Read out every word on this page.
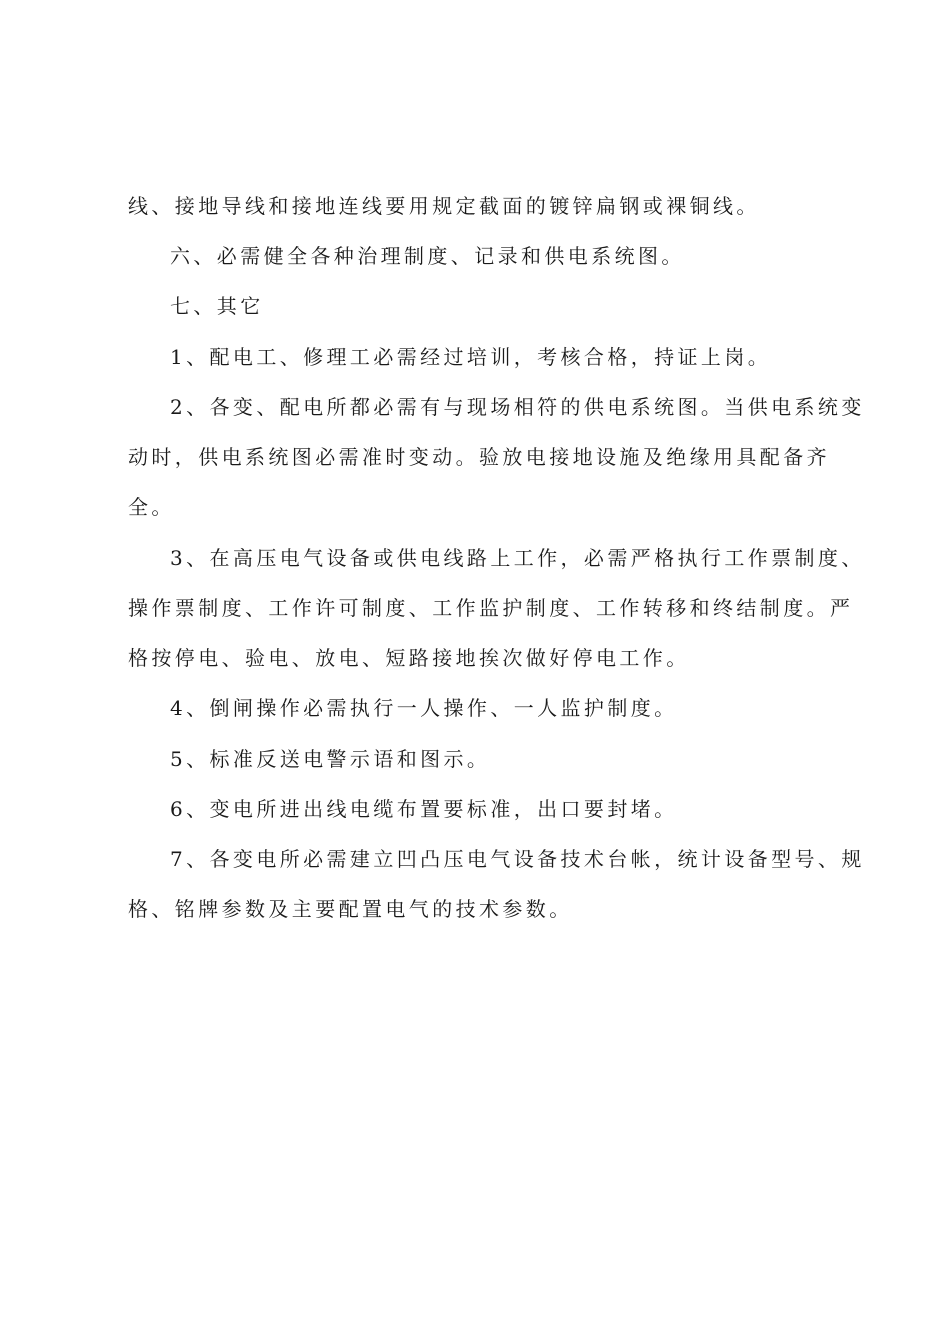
线、接地导线和接地连线要用规定截面的镀锌扁钢或裸铜线。
六、必需健全各种治理制度、记录和供电系统图。
七、其它
1、配电工、修理工必需经过培训，考核合格，持证上岗。
2、各变、配电所都必需有与现场相符的供电系统图。当供电系统变
动时，供电系统图必需准时变动。验放电接地设施及绝缘用具配备齐
全。
3、在高压电气设备或供电线路上工作，必需严格执行工作票制度、
操作票制度、工作许可制度、工作监护制度、工作转移和终结制度。严
格按停电、验电、放电、短路接地挨次做好停电工作。
4、倒闸操作必需执行一人操作、一人监护制度。
5、标准反送电警示语和图示。
6、变电所进出线电缆布置要标准，出口要封堵。
7、各变电所必需建立凹凸压电气设备技术台帐，统计设备型号、规
格、铭牌参数及主要配置电气的技术参数。
